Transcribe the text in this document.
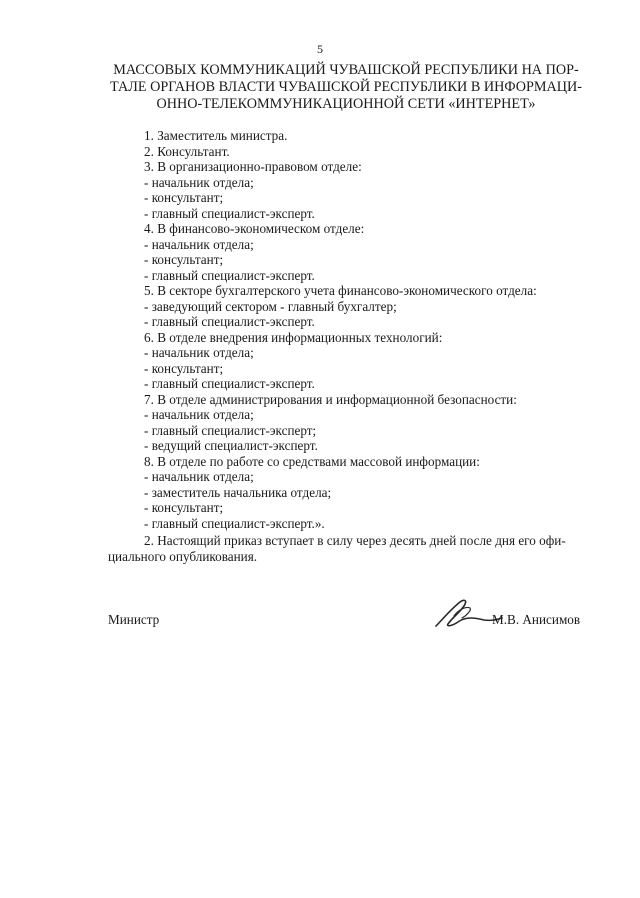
5
МАССОВЫХ КОММУНИКАЦИЙ ЧУВАШСКОЙ РЕСПУБЛИКИ НА ПОР-
ТАЛЕ ОРГАНОВ ВЛАСТИ ЧУВАШСКОЙ РЕСПУБЛИКИ В ИНФОРМАЦИ-
ОННО-ТЕЛЕКОММУНИКАЦИОННОЙ СЕТИ «ИНТЕРНЕТ»
1. Заместитель министра.
2. Консультант.
3. В организационно-правовом отделе:
- начальник отдела;
- консультант;
- главный специалист-эксперт.
4. В финансово-экономическом отделе:
- начальник отдела;
- консультант;
- главный специалист-эксперт.
5. В секторе бухгалтерского учета финансово-экономического отдела:
- заведующий сектором - главный бухгалтер;
- главный специалист-эксперт.
6. В отделе внедрения информационных технологий:
- начальник отдела;
- консультант;
- главный специалист-эксперт.
7. В отделе администрирования и информационной безопасности:
- начальник отдела;
- главный специалист-эксперт;
- ведущий специалист-эксперт.
8. В отделе по работе со средствами массовой информации:
- начальник отдела;
- заместитель начальника отдела;
- консультант;
- главный специалист-эксперт.».
2. Настоящий приказ вступает в силу через десять дней после дня его офи-
циального опубликования.
Министр	М.В. Анисимов
